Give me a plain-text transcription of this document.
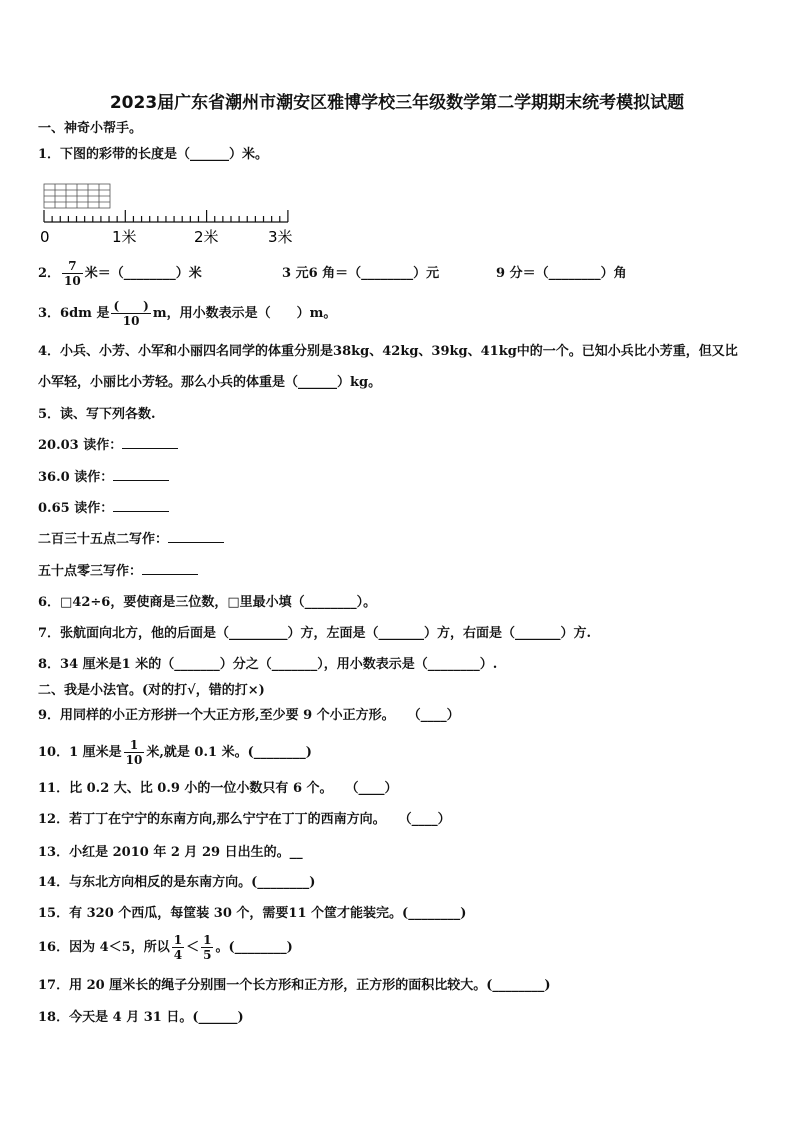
2023届广东省潮州市潮安区雅博学校三年级数学第二学期期末统考模拟试题
一、神奇小帮手。
1．下图的彩带的长度是（______）米。
0	1米	2米	3米
2． $\frac{7}{10}$ 米＝（________）米	3 元6 角＝（________）元	9 分＝（________）角
3．6dm 是 $\frac{( )}{10}$ m，用小数表示是（　　）m。
4．小兵、小芳、小军和小丽四名同学的体重分别是38kg、42kg、39kg、41kg中的一个。已知小兵比小芳重，但又比
小军轻，小丽比小芳轻。那么小兵的体重是（______）kg。
5．读、写下列各数.
20.03 读作：
36.0 读作：
0.65 读作：
二百三十五点二写作：
五十点零三写作：
6．□42÷6，要使商是三位数，□里最小填（________）。
7．张航面向北方，他的后面是（_________）方，左面是（_______）方，右面是（_______）方.
8．34 厘米是1 米的（_______）分之（_______），用小数表示是（________）.
二、我是小法官。(对的打√，错的打×)
9．用同样的小正方形拼一个大正方形,至少要 9 个小正方形。　　（____）
10．1 厘米是 $\frac{1}{10}$ 米,就是 0.1 米。(________)
11．比 0.2 大、比 0.9 小的一位小数只有 6 个。　　（____）
12．若丁丁在宁宁的东南方向,那么宁宁在丁丁的西南方向。　　（____）
13．小红是 2010 年 2 月 29 日出生的。__
14．与东北方向相反的是东南方向。(________)
15．有 320 个西瓜，每筐装 30 个，需要11 个筐才能装完。(________)
16．因为 4＜5，所以 $\frac{1}{4} < \frac{1}{5}$ 。(________)
17．用 20 厘米长的绳子分别围一个长方形和正方形，正方形的面积比较大。(________)
18．今天是 4 月 31 日。(______)
